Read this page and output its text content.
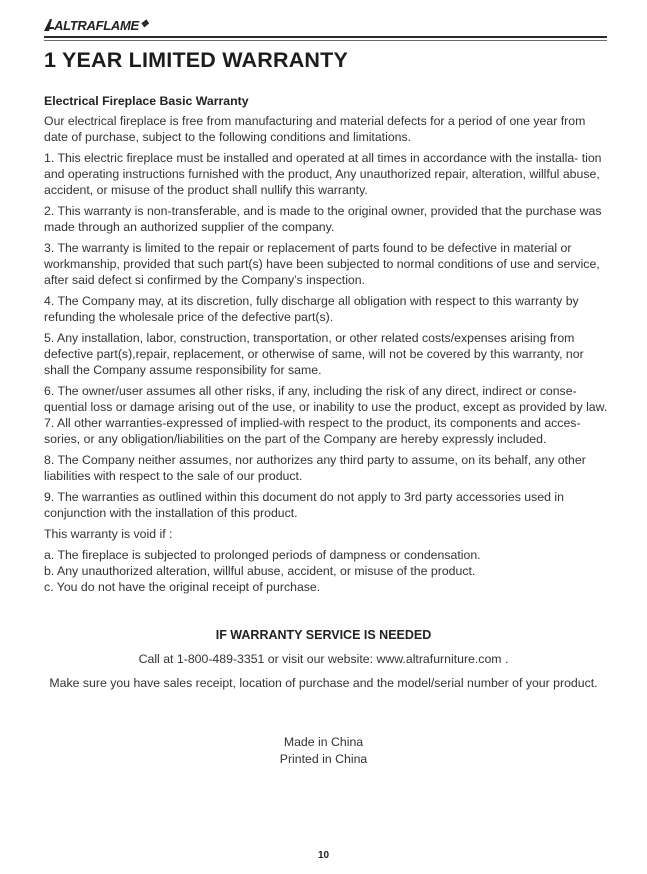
ALTRAFLAME❖
1 YEAR LIMITED WARRANTY
Electrical Fireplace Basic Warranty

Our electrical fireplace is free from manufacturing and material defects for a period of one year from date of purchase, subject to the following conditions and limitations.

1. This electric fireplace must be installed and operated at all times in accordance with the installa- tion and operating instructions furnished with the product, Any unauthorized repair, alteration, willful abuse, accident, or misuse of the product shall nullify this warranty.

2. This warranty is non-transferable, and is made to the original owner, provided that the purchase was made through an authorized supplier of the company.

3. The warranty is limited to the repair or replacement of parts found to be defective in material or workmanship, provided that such part(s) have been subjected to normal conditions of use and service, after said defect si confirmed by the Company’s inspection.

4. The Company may, at its discretion, fully discharge all obligation with respect to this warranty by refunding the wholesale price of the defective part(s).

5. Any installation, labor, construction, transportation, or other related costs/expenses arising from defective part(s),repair, replacement, or otherwise of same, will not be covered by this warranty, nor shall the Company assume responsibility for same.

6. The owner/user assumes all other risks, if any, including the risk of any direct, indirect or conse- quential loss or damage arising out of the use, or inability to use the product, except as provided by law.

7. All other warranties-expressed of implied-with respect to the product, its components and acces- sories, or any obligation/liabilities on the part of the Company are hereby expressly included.

8. The Company neither assumes, nor authorizes any third party to assume, on its behalf, any other liabilities with respect to the sale of our product.

9. The warranties as outlined within this document do not apply to 3rd party accessories used in conjunction with the installation of this product.

This warranty is void if :

a. The fireplace is subjected to prolonged periods of dampness or condensation.

b. Any unauthorized alteration, willful abuse, accident, or misuse of the product.

c. You do not have the original receipt of purchase.

IF WARRANTY SERVICE IS NEEDED
Call at 1-800-489-3351 or visit our website: www.altrafurniture.com .
Make sure you have sales receipt, location of purchase and the model/serial number of your product.
Made in China
Printed in China
10
